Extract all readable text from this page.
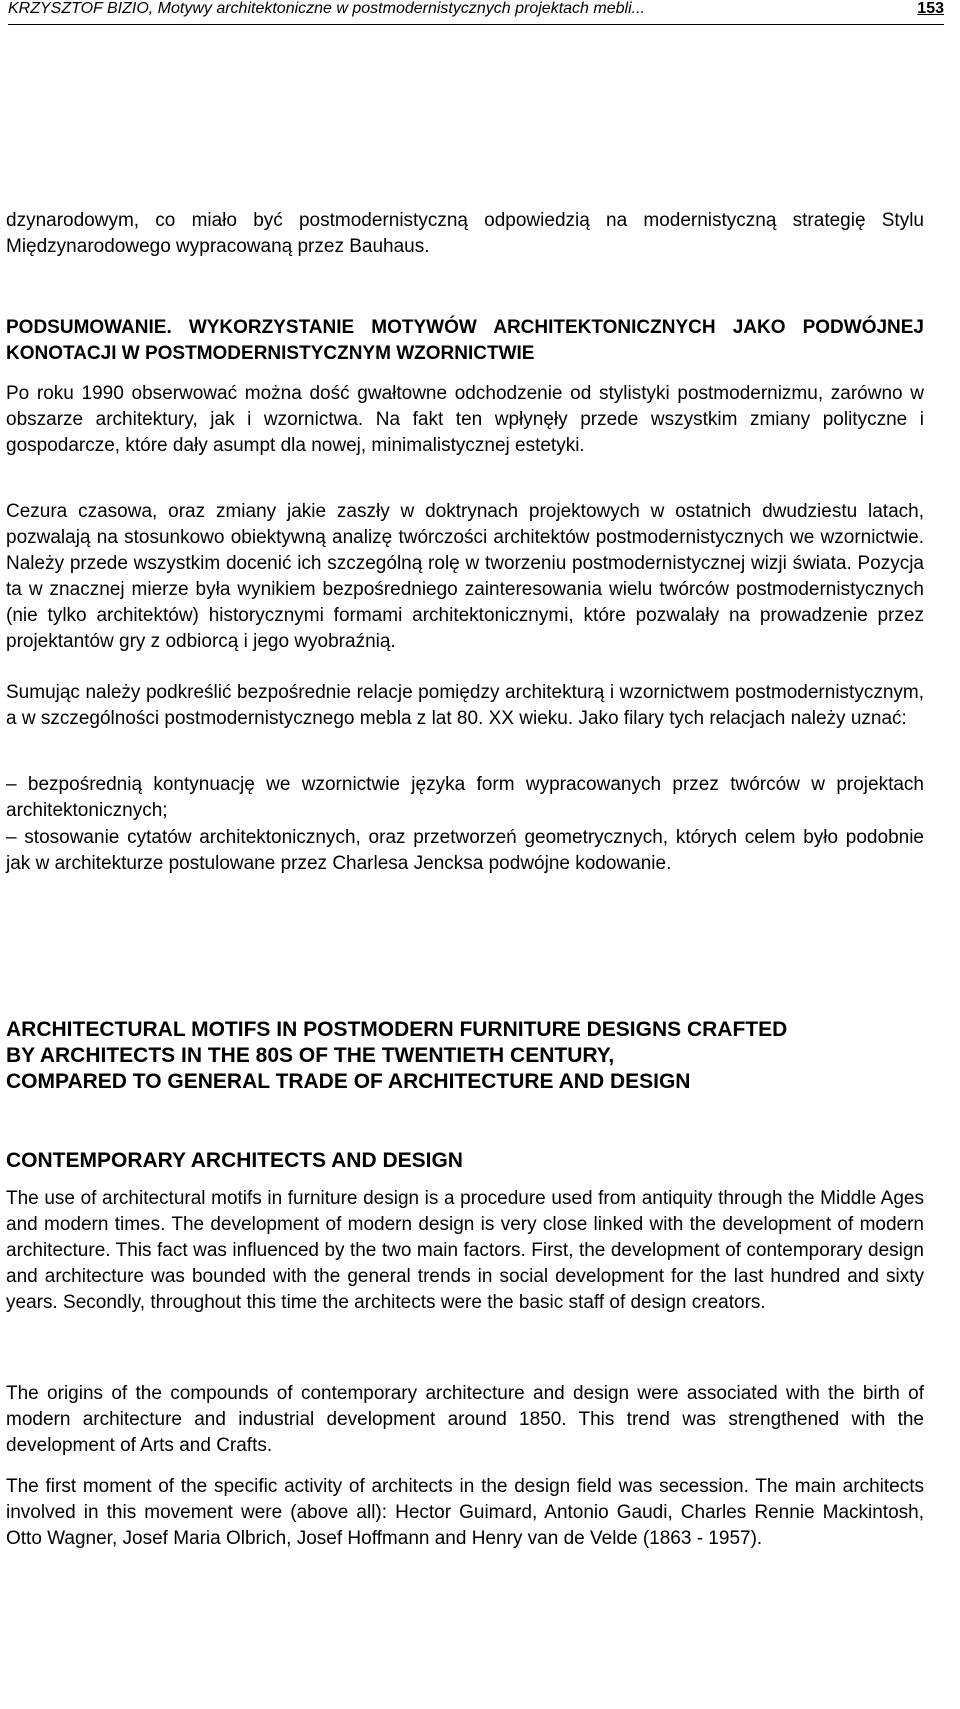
KRZYSZTOF BIZIO, Motywy architektoniczne w postmodernistycznych projektach mebli...	153

dzynarodowym, co miało być postmodernistyczną odpowiedzią na modernistyczną strategię Stylu Międzynarodowego wypracowaną przez Bauhaus.

PODSUMOWANIE. WYKORZYSTANIE MOTYWÓW ARCHITEKTONICZNYCH JAKO PODWÓJNEJ KONOTACJI W POSTMODERNISTYCZNYM WZORNICTWIE

Po roku 1990 obserwować można dość gwałtowne odchodzenie od stylistyki postmodernizmu, zarówno w obszarze architektury, jak i wzornictwa. Na fakt ten wpłynęły przede wszystkim zmiany polityczne i gospodarcze, które dały asumpt dla nowej, minimalistycznej estetyki.

Cezura czasowa, oraz zmiany jakie zaszły w doktrynach projektowych w ostatnich dwudziestu latach, pozwalają na stosunkowo obiektywną analizę twórczości architektów postmodernistycznych we wzornictwie. Należy przede wszystkim docenić ich szczególną rolę w tworzeniu postmodernistycznej wizji świata. Pozycja ta w znacznej mierze była wynikiem bezpośredniego zainteresowania wielu twórców postmodernistycznych (nie tylko architektów) historycznymi formami architektonicznymi, które pozwalały na prowadzenie przez projektantów gry z odbiorcą i jego wyobraźnią.

Sumując należy podkreślić bezpośrednie relacje pomiędzy architekturą i wzornictwem postmodernistycznym, a w szczególności postmodernistycznego mebla z lat 80. XX wieku. Jako filary tych relacjach należy uznać:

– bezpośrednią kontynuację we wzornictwie języka form wypracowanych przez twórców w projektach architektonicznych;

– stosowanie cytatów architektonicznych, oraz przetworzeń geometrycznych, których celem było podobnie jak w architekturze postulowane przez Charlesa Jencksa podwójne kodowanie.

ARCHITECTURAL MOTIFS IN POSTMODERN FURNITURE DESIGNS CRAFTED
BY ARCHITECTS IN THE 80S OF THE TWENTIETH CENTURY,
COMPARED TO GENERAL TRADE OF ARCHITECTURE AND DESIGN

CONTEMPORARY ARCHITECTS AND DESIGN

The use of architectural motifs in furniture design is a procedure used from antiquity through the Middle Ages and modern times. The development of modern design is very close linked with the development of modern architecture. This fact was influenced by the two main factors. First, the development of contemporary design and architecture was bounded with the general trends in social development for the last hundred and sixty years. Secondly, throughout this time the architects were the basic staff of design creators.

The origins of the compounds of contemporary architecture and design were associated with the birth of modern architecture and industrial development around 1850. This trend was strengthened with the development of Arts and Crafts.

The first moment of the specific activity of architects in the design field was secession. The main architects involved in this movement were (above all): Hector Guimard, Antonio Gaudi, Charles Rennie Mackintosh, Otto Wagner, Josef Maria Olbrich, Josef Hoffmann and Henry van de Velde (1863 - 1957).
